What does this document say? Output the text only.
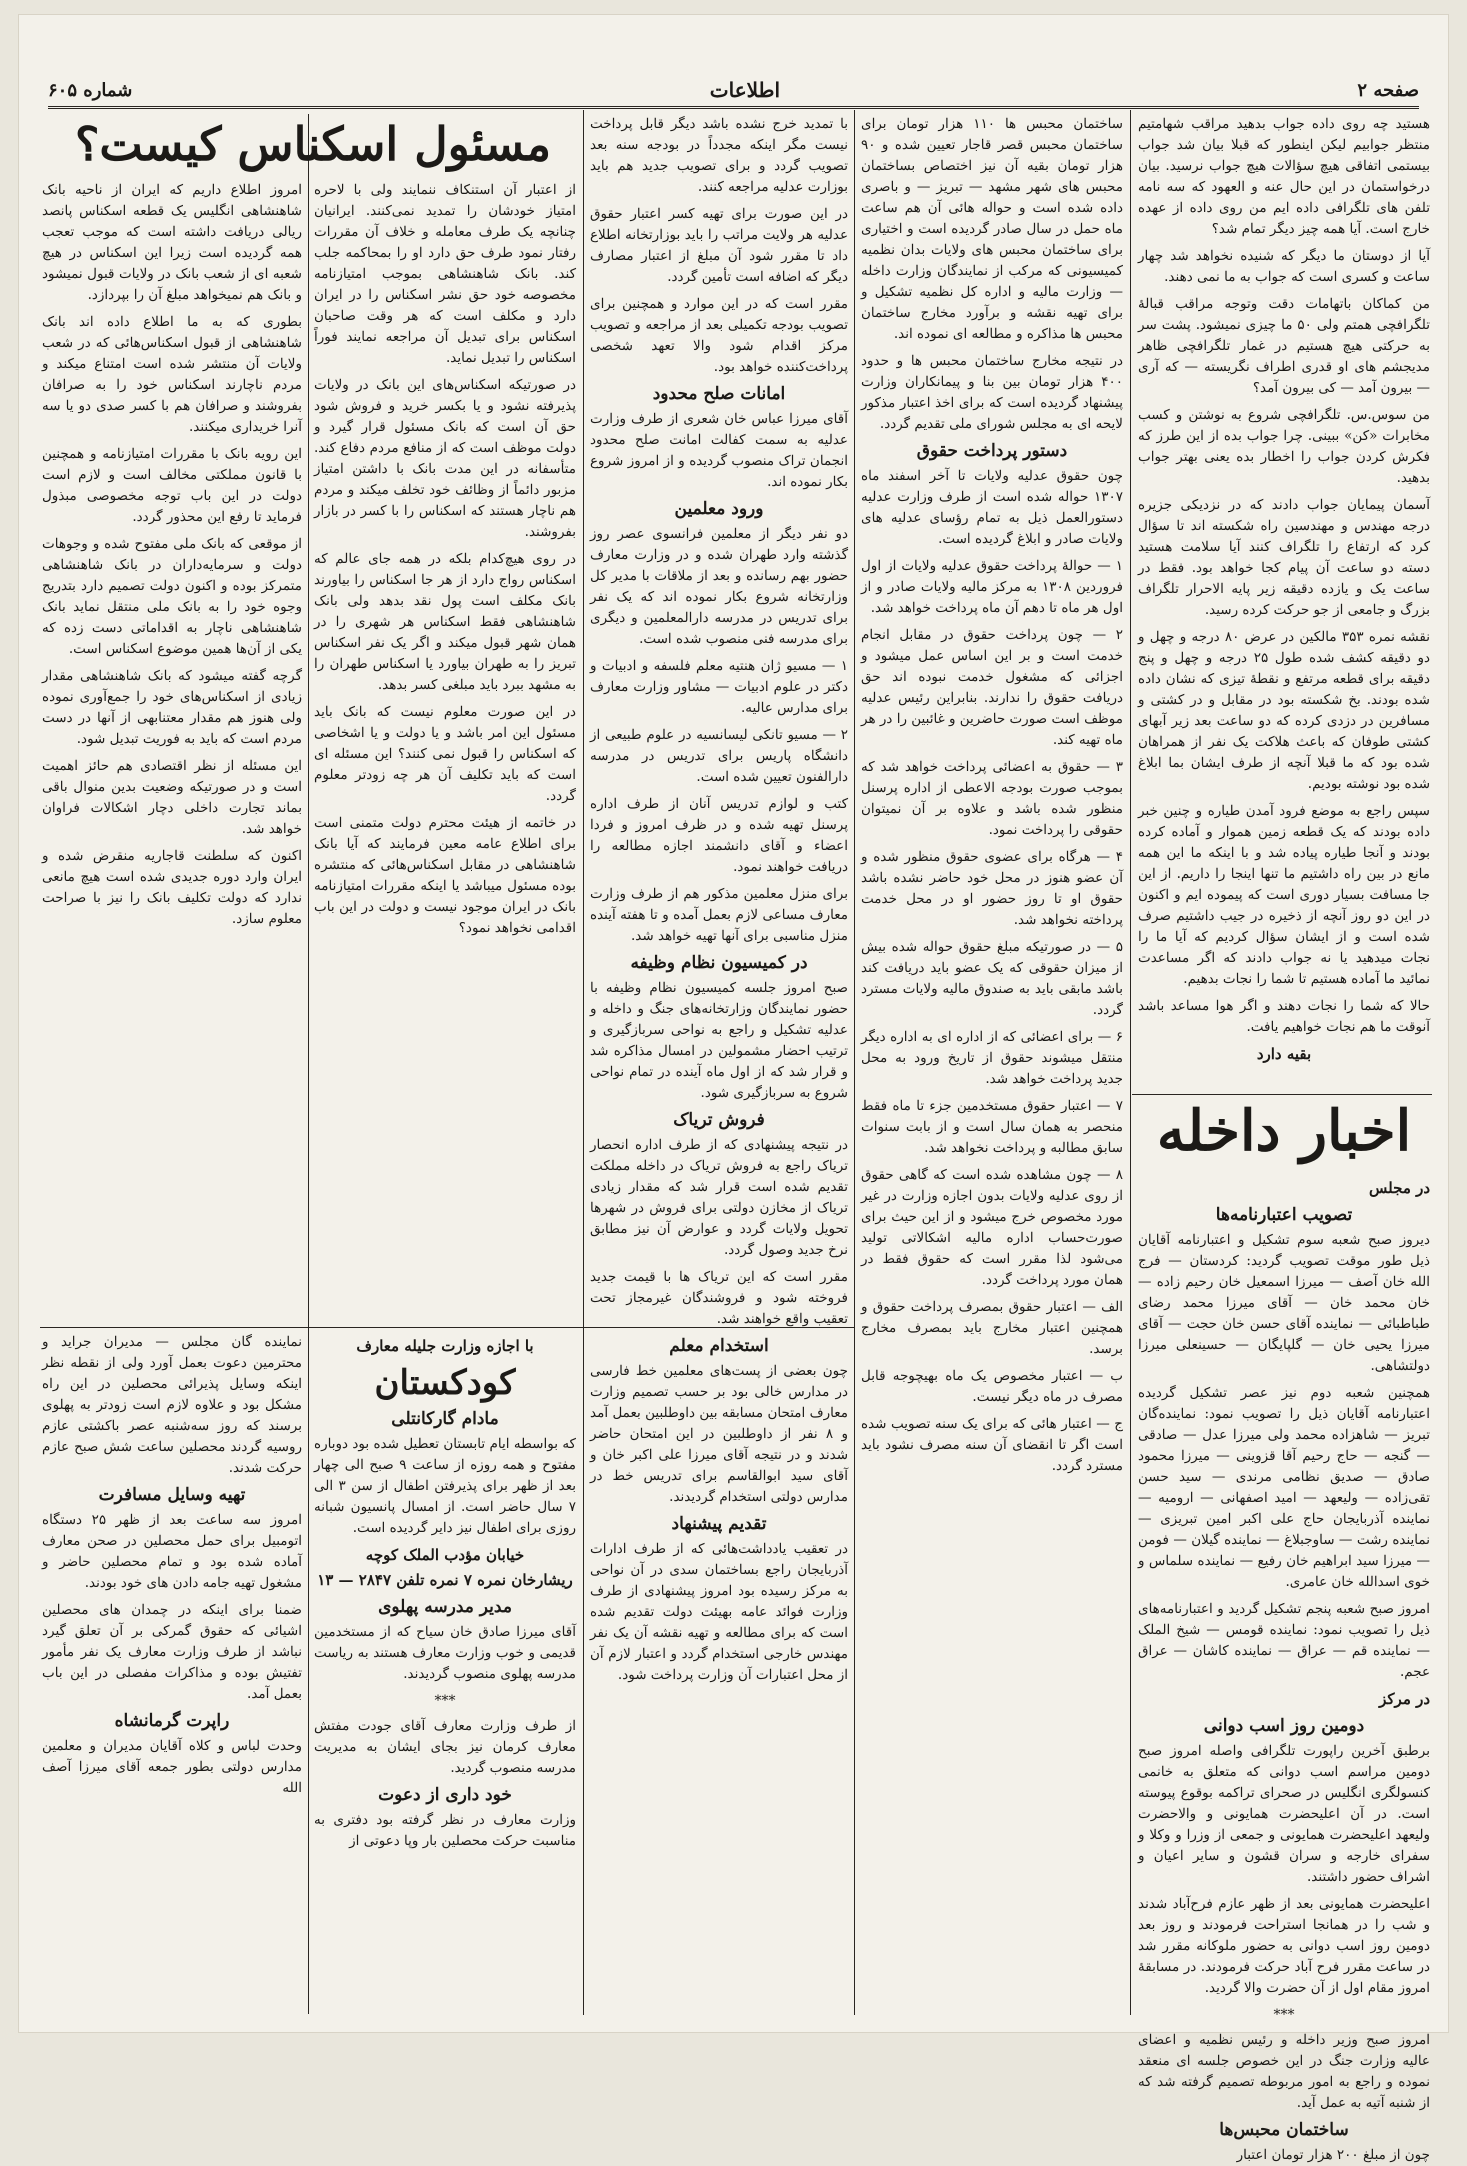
صفحه ۲
اطلاعات
شماره ۶۰۵

هستید چه روی داده جواب بدهید مراقب شهامتیم منتظر جوابیم لیکن اینطور که قبلا بیان شد جواب بیستمی اتفاقی هیچ سؤالات هیچ جواب نرسید. بیان درخواستمان در این حال عنه و العهود که سه نامه تلفن های تلگرافی داده ایم من روی داده از عهده خارج است. آیا همه چیز دیگر تمام شد؟

آیا از دوستان ما دیگر که شنیده نخواهد شد چهار ساعت و کسری است که جواب به ما نمی دهند.

من کماکان باتهامات دقت وتوجه مراقب قبالهٔ تلگرافچی همتم ولی ۵۰ ما چیزی نمیشود. پشت سر به حرکتی هیچ هستیم در غمار تلگرافچی ظاهر مدیجشم های او قدری اطراف نگریسته — که آری — بیرون آمد — کی بیرون آمد؟

من سوس.س. تلگرافچی شروع به نوشتن و کسب مخابرات «کن» ببینی. چرا جواب بده از این طرز که فکرش کردن جواب را اخطار بده یعنی بهتر جواب بدهید.

آسمان پیمایان جواب دادند که در نزدیکی جزیره درجه مهندس و مهندسین راه شکسته اند تا سؤال کرد که ارتفاع را تلگراف کنند آیا سلامت هستید دسته دو ساعت آن پیام کجا خواهد بود. فقط در ساعت یک و یازده دقیقه زیر پایه الاحرار تلگراف بزرگ و جامعی از جو حرکت کرده رسید.

نقشه نمره ۳۵۳ مالکین در عرض ۸۰ درجه و چهل و دو دقیقه کشف شده طول ۲۵ درجه و چهل و پنج دقیقه برای قطعه مرتفع و نقطهٔ تیزی که نشان داده شده بودند. بخ شکسته بود در مقابل و در کشتی و مسافرین در دزدی کرده که دو ساعت بعد زیر آبهای کشتی طوفان که باعث هلاکت یک نفر از همراهان شده بود که ما قبلا آنچه از طرف ایشان بما ابلاغ شده بود نوشته بودیم.

سپس راجع به موضع فرود آمدن طیاره و چنین خبر داده بودند که یک قطعه زمین هموار و آماده کرده بودند و آنجا طیاره پیاده شد و با اینکه ما این همه مانع در بین راه داشتیم ما تنها اینجا را داریم. از این جا مسافت بسیار دوری است که پیموده ایم و اکنون در این دو روز آنچه از ذخیره در جیب داشتیم صرف شده است و از ایشان سؤال کردیم که آیا ما را نجات میدهید یا نه جواب دادند که اگر مساعدت نمائید ما آماده هستیم تا شما را نجات بدهیم.

حالا که شما را نجات دهند و اگر هوا مساعد باشد آنوقت ما هم نجات خواهیم یافت.

بقیه دارد
اخبار داخله
در مجلس
تصویب اعتبارنامه‌ها

دیروز صبح شعبه سوم تشکیل و اعتبارنامه آقایان ذیل طور موقت تصویب گردید: کردستان — فرج الله خان آصف — میرزا اسمعیل خان رحیم زاده — خان محمد خان — آقای میرزا محمد رضای طباطبائی — نماینده آقای حسن خان حجت — آقای میرزا یحیی خان — گلپایگان — حسینعلی میرزا دولتشاهی.

همچنین شعبه دوم نیز عصر تشکیل گردیده اعتبارنامه آقایان ذیل را تصویب نمود: نماینده‌گان تبریز — شاهزاده محمد ولی میرزا عدل — صادقی — گنجه — حاج رحیم آقا قزوینی — میرزا محمود صادق — صدیق نظامی مرندی — سید حسن تقی‌زاده — ولیعهد — امید اصفهانی — ارومیه — نماینده آذربایجان حاج علی اکبر امین تبریزی — نماینده رشت — ساوجبلاغ — نماینده گیلان — فومن — میرزا سید ابراهیم خان رفیع — نماینده سلماس و خوی اسدالله خان عامری.

امروز صبح شعبه پنجم تشکیل گردید و اعتبارنامه‌های ذیل را تصویب نمود: نماینده قومس — شیخ الملک — نماینده قم — عراق — نماینده کاشان — عراق عجم.

در مرکز
دومین روز اسب دوانی

برطبق آخرین راپورت تلگرافی واصله امروز صبح دومین مراسم اسب دوانی که متعلق به خانمی کنسولگری انگلیس در صحرای تراکمه بوقوع پیوسته است. در آن اعلیحضرت همایونی و والاحضرت ولیعهد اعلیحضرت همایونی و جمعی از وزرا و وکلا و سفرای خارجه و سران قشون و سایر اعیان و اشراف حضور داشتند.

اعلیحضرت همایونی بعد از ظهر عازم فرح‌آباد شدند و شب را در همانجا استراحت فرمودند و روز بعد دومین روز اسب دوانی به حضور ملوکانه مقرر شد در ساعت مقرر فرح آباد حرکت فرمودند. در مسابقهٔ امروز مقام اول از آن حضرت والا گردید.

***

امروز صبح وزیر داخله و رئیس نظمیه و اعضای عالیه وزارت جنگ در این خصوص جلسه ای منعقد نموده و راجع به امور مربوطه تصمیم گرفته شد که از شنبه آتیه به عمل آید.

ساختمان محبس‌ها

چون از مبلغ ۲۰۰ هزار تومان اعتبار

ساختمان محبس ها ۱۱۰ هزار تومان برای ساختمان محبس قصر قاجار تعیین شده و ۹۰ هزار تومان بقیه آن نیز اختصاص بساختمان محبس های شهر مشهد — تبریز — و باصری داده شده است و حواله هائی آن هم ساعت ماه حمل در سال صادر گردیده است و اختیاری برای ساختمان محبس های ولایات بدان نظمیه کمیسیونی که مرکب از نمایندگان وزارت داخله — وزارت مالیه و اداره کل نظمیه تشکیل و برای تهیه نقشه و برآورد مخارج ساختمان محبس ها مذاکره و مطالعه ای نموده اند.

در نتیجه مخارج ساختمان محبس ها و حدود ۴۰۰ هزار تومان بین بنا و پیمانکاران وزارت پیشنهاد گردیده است که برای اخذ اعتبار مذکور لایحه ای به مجلس شورای ملی تقدیم گردد.

دستور پرداخت حقوق

چون حقوق عدلیه ولایات تا آخر اسفند ماه ۱۳۰۷ حواله شده است از طرف وزارت عدلیه دستورالعمل ذیل به تمام رؤسای عدلیه های ولایات صادر و ابلاغ گردیده است.

۱ — حوالهٔ پرداخت حقوق عدلیه ولایات از اول فروردین ۱۳۰۸ به مرکز مالیه ولایات صادر و از اول هر ماه تا دهم آن ماه پرداخت خواهد شد.

۲ — چون پرداخت حقوق در مقابل انجام خدمت است و بر این اساس عمل میشود و اجزائی که مشغول خدمت نبوده اند حق دریافت حقوق را ندارند. بنابراین رئیس عدلیه موظف است صورت حاضرین و غائبین را در هر ماه تهیه کند.

۳ — حقوق به اعضائی پرداخت خواهد شد که بموجب صورت بودجه الاعطی از اداره پرسنل منظور شده باشد و علاوه بر آن نمیتوان حقوقی را پرداخت نمود.

۴ — هرگاه برای عضوی حقوق منظور شده و آن عضو هنوز در محل خود حاضر نشده باشد حقوق او تا روز حضور او در محل خدمت پرداخته نخواهد شد.

۵ — در صورتیکه مبلغ حقوق حواله شده بیش از میزان حقوقی که یک عضو باید دریافت کند باشد مابقی باید به صندوق مالیه ولایات مسترد گردد.

۶ — برای اعضائی که از اداره ای به اداره دیگر منتقل میشوند حقوق از تاریخ ورود به محل جدید پرداخت خواهد شد.

۷ — اعتبار حقوق مستخدمین جزء تا ماه فقط منحصر به همان سال است و از بابت سنوات سابق مطالبه و پرداخت نخواهد شد.

۸ — چون مشاهده شده است که گاهی حقوق از روی عدلیه ولایات بدون اجازه وزارت در غیر مورد مخصوص خرج میشود و از این حیث برای صورت‌حساب اداره مالیه اشکالاتی تولید می‌شود لذا مقرر است که حقوق فقط در همان مورد پرداخت گردد.

الف — اعتبار حقوق بمصرف پرداخت حقوق و همچنین اعتبار مخارج باید بمصرف مخارج برسد.

ب — اعتبار مخصوص یک ماه بهیچوجه قابل مصرف در ماه دیگر نیست.

ج — اعتبار هائی که برای یک سنه تصویب شده است اگر تا انقضای آن سنه مصرف نشود باید مسترد گردد.

با تمدید خرج نشده باشد دیگر قابل پرداخت نیست مگر اینکه مجدداً در بودجه سنه بعد تصویب گردد و برای تصویب جدید هم باید بوزارت عدلیه مراجعه کنند.

در این صورت برای تهیه کسر اعتبار حقوق عدلیه هر ولایت مراتب را باید بوزارتخانه اطلاع داد تا مقرر شود آن مبلغ از اعتبار مصارف دیگر که اضافه است تأمین گردد.

مقرر است که در این موارد و همچنین برای تصویب بودجه تکمیلی بعد از مراجعه و تصویب مرکز اقدام شود والا تعهد شخصی پرداخت‌کننده خواهد بود.

امانات صلح محدود

آقای میرزا عباس خان شعری از طرف وزارت عدلیه به سمت کفالت امانت صلح محدود انجمان تراک منصوب گردیده و از امروز شروع بکار نموده اند.

ورود معلمین

دو نفر دیگر از معلمین فرانسوی عصر روز گذشته وارد طهران شده و در وزارت معارف حضور بهم رسانده و بعد از ملاقات با مدیر کل وزارتخانه شروع بکار نموده اند که یک نفر برای تدریس در مدرسه دارالمعلمین و دیگری برای مدرسه فنی منصوب شده است.

۱ — مسیو ژان هنتیه معلم فلسفه و ادبیات و دکتر در علوم ادبیات — مشاور وزارت معارف برای مدارس عالیه.

۲ — مسیو تانکی لیسانسیه در علوم طبیعی از دانشگاه پاریس برای تدریس در مدرسه دارالفنون تعیین شده است.

کتب و لوازم تدریس آنان از طرف اداره پرسنل تهیه شده و در ظرف امروز و فردا اعضاء و آقای دانشمند اجازه مطالعه را دریافت خواهند نمود.

برای منزل معلمین مذکور هم از طرف وزارت معارف مساعی لازم بعمل آمده و تا هفته آینده منزل مناسبی برای آنها تهیه خواهد شد.

در کمیسیون نظام وظیفه

صبح امروز جلسه کمیسیون نظام وظیفه با حضور نمایندگان وزارتخانه‌های جنگ و داخله و عدلیه تشکیل و راجع به نواحی سربازگیری و ترتیب احضار مشمولین در امسال مذاکره شد و قرار شد که از اول ماه آینده در تمام نواحی شروع به سربازگیری شود.

فروش تریاک

در نتیجه پیشنهادی که از طرف اداره انحصار تریاک راجع به فروش تریاک در داخله مملکت تقدیم شده است قرار شد که مقدار زیادی تریاک از مخازن دولتی برای فروش در شهرها تحویل ولایات گردد و عوارض آن نیز مطابق نرخ جدید وصول گردد.

مقرر است که این تریاک ها با قیمت جدید فروخته شود و فروشندگان غیرمجاز تحت تعقیب واقع خواهند شد.

استخدام معلم

چون بعضی از پست‌های معلمین خط فارسی در مدارس خالی بود بر حسب تصمیم وزارت معارف امتحان مسابقه بین داوطلبین بعمل آمد و ۸ نفر از داوطلبین در این امتحان حاضر شدند و در نتیجه آقای میرزا علی اکبر خان و آقای سید ابوالقاسم برای تدریس خط در مدارس دولتی استخدام گردیدند.

تقدیم پیشنهاد

در تعقیب یادداشت‌هائی که از طرف ادارات آذربایجان راجع بساختمان سدی در آن نواحی به مرکز رسیده بود امروز پیشنهادی از طرف وزارت فوائد عامه بهیئت دولت تقدیم شده است که برای مطالعه و تهیه نقشه آن یک نفر مهندس خارجی استخدام گردد و اعتبار لازم آن از محل اعتبارات آن وزارت پرداخت شود.

مسئول اسکناس کیست؟

از اعتبار آن استنکاف ننمایند ولی با لاحره امتیاز خودشان را تمدید نمی‌کنند. ایرانیان چنانچه یک طرف معامله و خلاف آن مقررات رفتار نمود طرف حق دارد او را بمحاکمه جلب کند. بانک شاهنشاهی بموجب امتیازنامه مخصوصه خود حق نشر اسکناس را در ایران دارد و مکلف است که هر وقت صاحبان اسکناس برای تبدیل آن مراجعه نمایند فوراً اسکناس را تبدیل نماید.

در صورتیکه اسکناس‌های این بانک در ولایات پذیرفته نشود و یا بکسر خرید و فروش شود حق آن است که بانک مسئول قرار گیرد و دولت موظف است که از منافع مردم دفاع کند. متأسفانه در این مدت بانک با داشتن امتیاز مزبور دائماً از وظائف خود تخلف میکند و مردم هم ناچار هستند که اسکناس را با کسر در بازار بفروشند.

در روی هیچ‌کدام بلکه در همه جای عالم که اسکناس رواج دارد از هر جا اسکناس را بیاورند بانک مکلف است پول نقد بدهد ولی بانک شاهنشاهی فقط اسکناس هر شهری را در همان شهر قبول میکند و اگر یک نفر اسکناس تبریز را به طهران بیاورد یا اسکناس طهران را به مشهد ببرد باید مبلغی کسر بدهد.

در این صورت معلوم نیست که بانک باید مسئول این امر باشد و یا دولت و یا اشخاصی که اسکناس را قبول نمی کنند؟ این مسئله ای است که باید تکلیف آن هر چه زودتر معلوم گردد.

در خاتمه از هیئت محترم دولت متمنی است برای اطلاع عامه معین فرمایند که آیا بانک شاهنشاهی در مقابل اسکناس‌هائی که منتشره بوده مسئول میباشد یا اینکه مقررات امتیازنامه بانک در ایران موجود نیست و دولت در این باب اقدامی نخواهد نمود؟

امروز اطلاع داریم که ایران از ناحیه بانک شاهنشاهی انگلیس یک قطعه اسکناس پانصد ریالی دریافت داشته است که موجب تعجب همه گردیده است زیرا این اسکناس در هیچ شعبه ای از شعب بانک در ولایات قبول نمیشود و بانک هم نمیخواهد مبلغ آن را بپردازد.

بطوری که به ما اطلاع داده اند بانک شاهنشاهی از قبول اسکناس‌هائی که در شعب ولایات آن منتشر شده است امتناع میکند و مردم ناچارند اسکناس خود را به صرافان بفروشند و صرافان هم با کسر صدی دو یا سه آنرا خریداری میکنند.

این رویه بانک با مقررات امتیازنامه و همچنین با قانون مملکتی مخالف است و لازم است دولت در این باب توجه مخصوصی مبذول فرماید تا رفع این محذور گردد.

از موقعی که بانک ملی مفتوح شده و وجوهات دولت و سرمایه‌داران در بانک شاهنشاهی متمرکز بوده و اکنون دولت تصمیم دارد بتدریج وجوه خود را به بانک ملی منتقل نماید بانک شاهنشاهی ناچار به اقداماتی دست زده که یکی از آن‌ها همین موضوع اسکناس است.

گرچه گفته میشود که بانک شاهنشاهی مقدار زیادی از اسکناس‌های خود را جمع‌آوری نموده ولی هنوز هم مقدار معتنابهی از آنها در دست مردم است که باید به فوریت تبدیل شود.

این مسئله از نظر اقتصادی هم حائز اهمیت است و در صورتیکه وضعیت بدین منوال باقی بماند تجارت داخلی دچار اشکالات فراوان خواهد شد.

اکنون که سلطنت قاجاریه منقرض شده و ایران وارد دوره جدیدی شده است هیچ مانعی ندارد که دولت تکلیف بانک را نیز با صراحت معلوم سازد.

با اجازه وزارت جلیله معارف
کودکستان
مادام گارکانتلی

که بواسطه ایام تابستان تعطیل شده بود دوباره مفتوح و همه روزه از ساعت ۹ صبح الی چهار بعد از ظهر برای پذیرفتن اطفال از سن ۳ الی ۷ سال حاضر است. از امسال پانسیون شبانه روزی برای اطفال نیز دایر گردیده است.

خیابان مؤدب الملک کوچه
ریشارخان نمره ۷ نمره تلفن ۲۸۴۷ — ۱۳
مدیر مدرسه پهلوی

آقای میرزا صادق خان سیاح که از مستخدمین قدیمی و خوب وزارت معارف هستند به ریاست مدرسه پهلوی منصوب گردیدند.

***

از طرف وزارت معارف آقای جودت مفتش معارف کرمان نیز بجای ایشان به مدیریت مدرسه منصوب گردید.

خود داری از دعوت

وزارت معارف در نظر گرفته بود دفتری به مناسبت حرکت محصلین بار وپا دعوتی از

نماینده گان مجلس — مدیران جراید و محترمین دعوت بعمل آورد ولی از نقطه نظر اینکه وسایل پذیرائی محصلین در این راه مشکل بود و علاوه لازم است زودتر به پهلوی برسند که روز سه‌شنبه عصر باکشتی عازم روسیه گردند محصلین ساعت شش صبح عازم حرکت شدند.

تهیه وسایل مسافرت

امروز سه ساعت بعد از ظهر ۲۵ دستگاه اتومبیل برای حمل محصلین در صحن معارف آماده شده بود و تمام محصلین حاضر و مشغول تهیه جامه دادن های خود بودند.

ضمنا برای اینکه در چمدان های محصلین اشیائی که حقوق گمرکی بر آن تعلق گیرد نباشد از طرف وزارت معارف یک نفر مأمور تفتیش بوده و مذاکرات مفصلی در این باب بعمل آمد.

راپرت گرمانشاه

وحدت لباس و کلاه آقایان مدیران و معلمین مدارس دولتی بطور جمعه آقای میرزا آصف الله
